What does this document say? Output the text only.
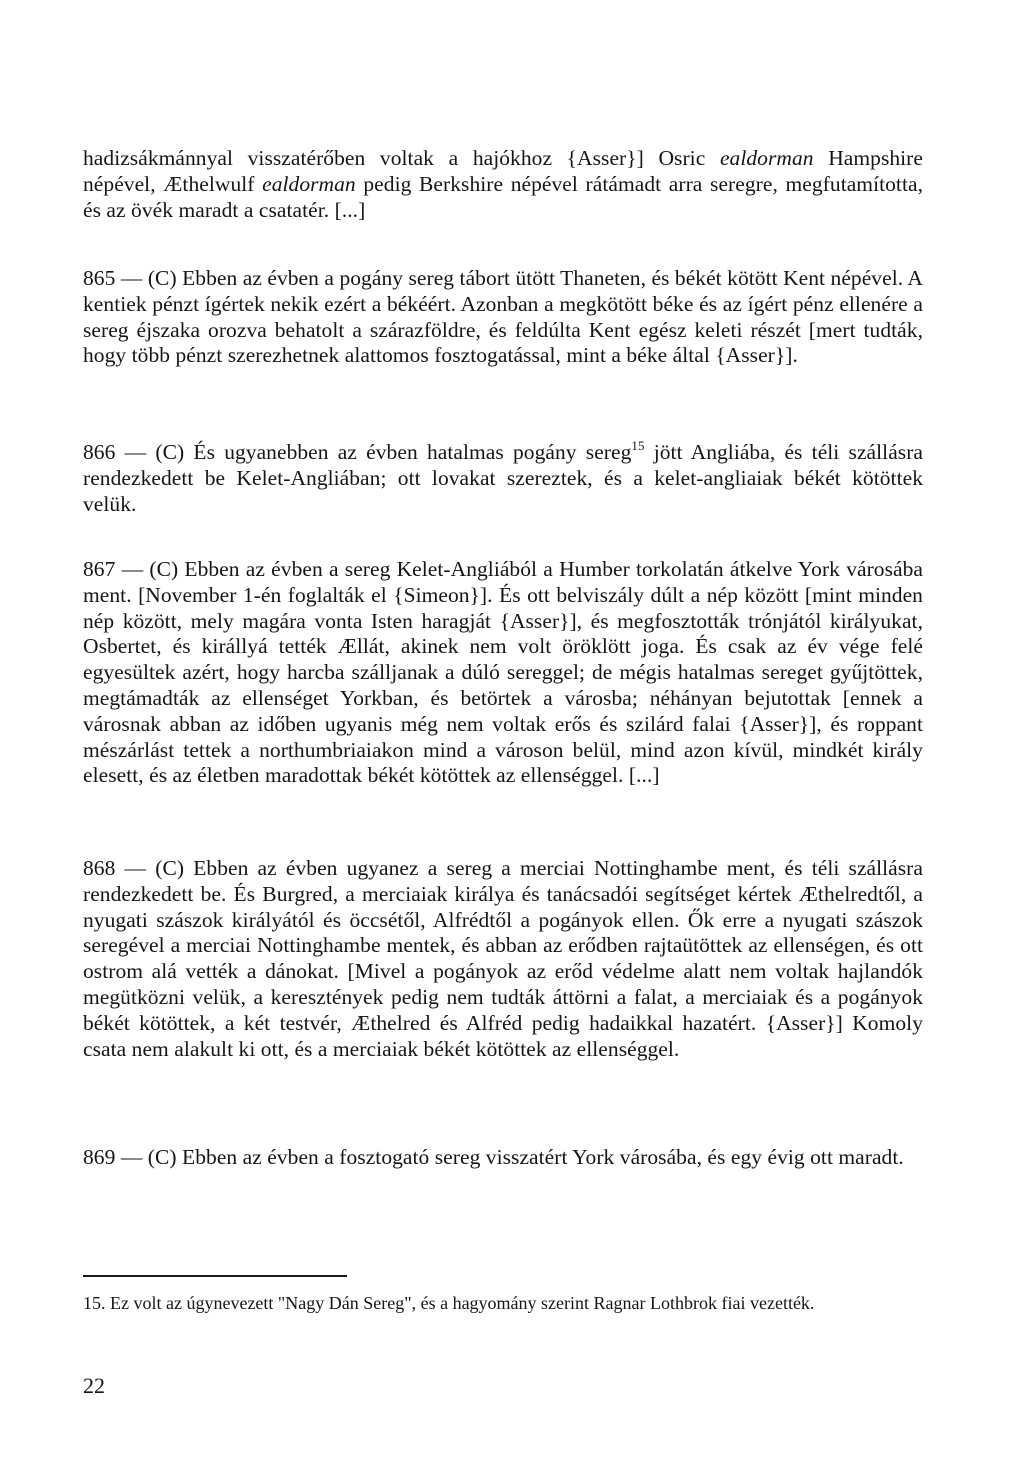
hadizsákmánnyal visszatérőben voltak a hajókhoz {Asser}] Osric ealdorman Hampshire népével, Æthelwulf ealdorman pedig Berkshire népével rátámadt arra seregre, megfutamította, és az övék maradt a csatatér. [...]

865 — (C) Ebben az évben a pogány sereg tábort ütött Thaneten, és békét kötött Kent népével. A kentiek pénzt ígértek nekik ezért a békéért. Azonban a megkötött béke és az ígért pénz ellenére a sereg éjszaka orozva behatolt a szárazföldre, és feldúlta Kent egész keleti részét [mert tudták, hogy több pénzt szerezhetnek alattomos fosztogatással, mint a béke által {Asser}].

866 — (C) És ugyanebben az évben hatalmas pogány sereg$^{15}$ jött Angliába, és téli szállásra rendezkedett be Kelet-Angliában; ott lovakat szereztek, és a kelet-angliaiak békét kötöttek velük.

867 — (C) Ebben az évben a sereg Kelet-Angliából a Humber torkolatán átkelve York városába ment. [November 1-én foglalták el {Simeon}]. És ott belviszály dúlt a nép között [mint minden nép között, mely magára vonta Isten haragját {Asser}], és megfosztották trónjától királyukat, Osbertet, és királlyá tették Ællát, akinek nem volt öröklött joga. És csak az év vége felé egyesültek azért, hogy harcba szálljanak a dúló sereggel; de mégis hatalmas sereget gyűjtöttek, megtámadták az ellenséget Yorkban, és betörtek a városba; néhányan bejutottak [ennek a városnak abban az időben ugyanis még nem voltak erős és szilárd falai {Asser}], és roppant mészárlást tettek a northumbriaiakon mind a városon belül, mind azon kívül, mindkét király elesett, és az életben maradottak békét kötöttek az ellenséggel. [...]

868 — (C) Ebben az évben ugyanez a sereg a merciai Nottinghambe ment, és téli szállásra rendezkedett be. És Burgred, a merciaiak királya és tanácsadói segítséget kértek Æthelredtől, a nyugati szászok királyától és öccsétől, Alfrédtől a pogányok ellen. Ők erre a nyugati szászok seregével a merciai Nottinghambe mentek, és abban az erődben rajtaütöttek az ellenségen, és ott ostrom alá vették a dánokat. [Mivel a pogányok az erőd védelme alatt nem voltak hajlandók megütközni velük, a keresztények pedig nem tudták áttörni a falat, a merciaiak és a pogányok békét kötöttek, a két testvér, Æthelred és Alfréd pedig hadaikkal hazatért. {Asser}] Komoly csata nem alakult ki ott, és a merciaiak békét kötöttek az ellenséggel.

869 — (C) Ebben az évben a fosztogató sereg visszatért York városába, és egy évig ott maradt.

15. Ez volt az úgynevezett "Nagy Dán Sereg", és a hagyomány szerint Ragnar Lothbrok fiai vezették.

22
